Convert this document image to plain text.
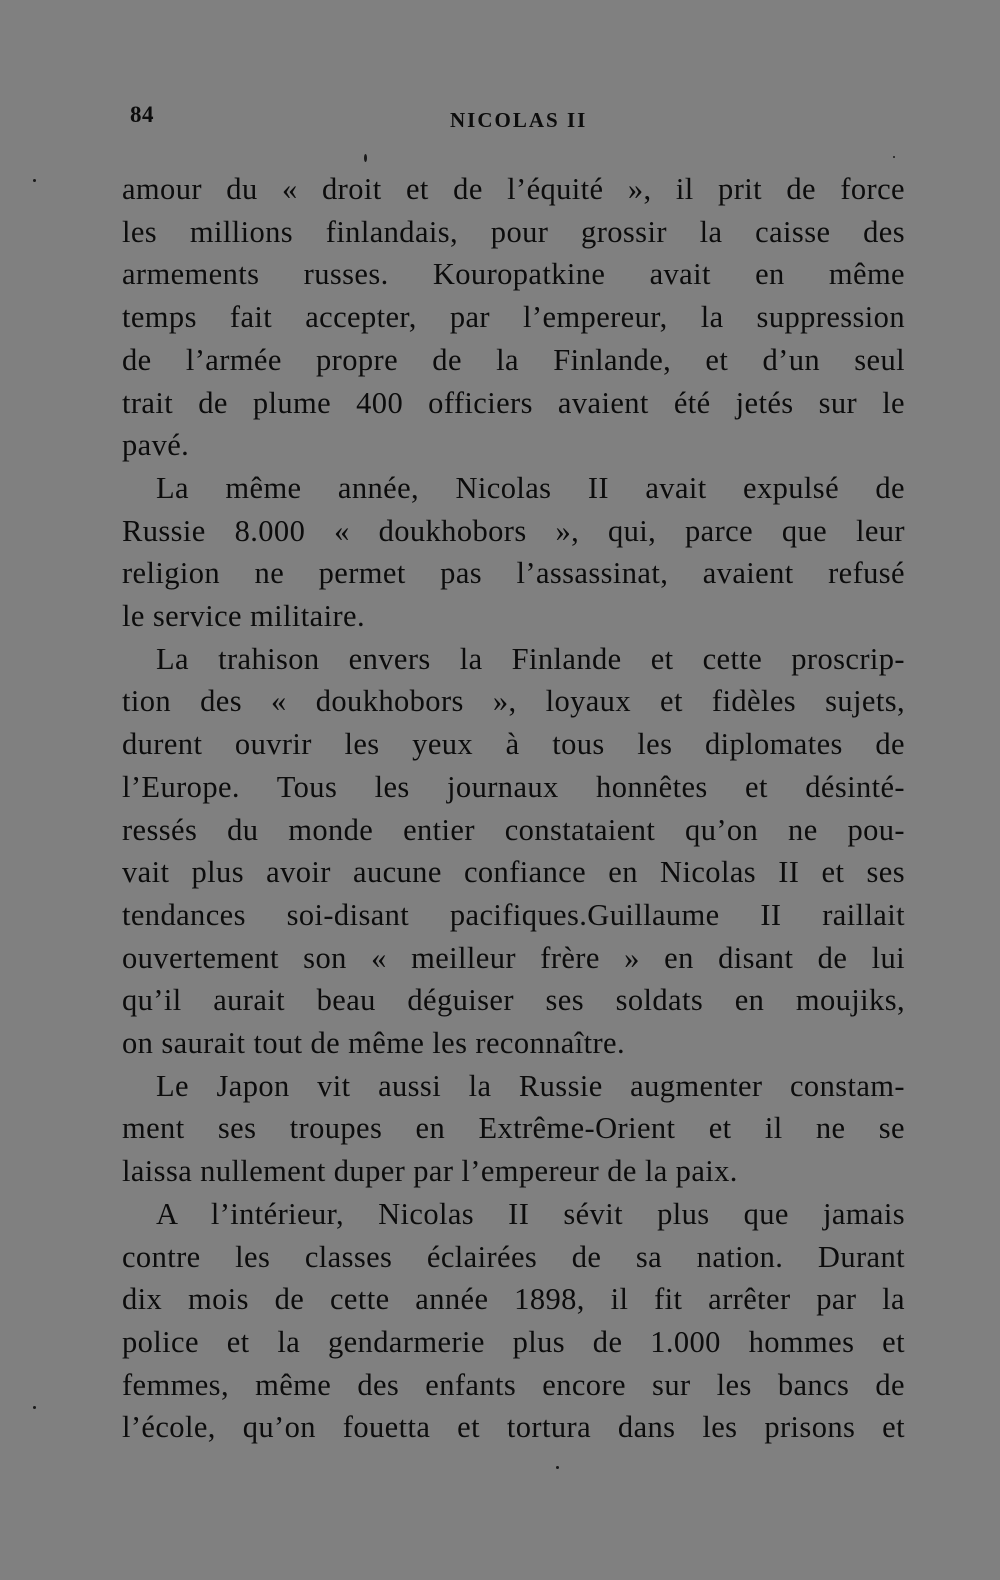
84	NICOLAS II
amour du « droit et de l’équité », il prit de force
les millions finlandais, pour grossir la caisse des
armements russes. Kouropatkine avait en même
temps fait accepter, par l’empereur, la suppression
de l’armée propre de la Finlande, et d’un seul
trait de plume 400 officiers avaient été jetés sur le
pavé.
La même année, Nicolas II avait expulsé de
Russie 8.000 « doukhobors », qui, parce que leur
religion ne permet pas l’assassinat, avaient refusé
le service militaire.
La trahison envers la Finlande et cette proscrip-
tion des « doukhobors », loyaux et fidèles sujets,
durent ouvrir les yeux à tous les diplomates de
l’Europe. Tous les journaux honnêtes et désinté-
ressés du monde entier constataient qu’on ne pou-
vait plus avoir aucune confiance en Nicolas II et ses
tendances soi-disant pacifiques.Guillaume II raillait
ouvertement son « meilleur frère » en disant de lui
qu’il aurait beau déguiser ses soldats en moujiks,
on saurait tout de même les reconnaître.
Le Japon vit aussi la Russie augmenter constam-
ment ses troupes en Extrême-Orient et il ne se
laissa nullement duper par l’empereur de la paix.
A l’intérieur, Nicolas II sévit plus que jamais
contre les classes éclairées de sa nation. Durant
dix mois de cette année 1898, il fit arrêter par la
police et la gendarmerie plus de 1.000 hommes et
femmes, même des enfants encore sur les bancs de
l’école, qu’on fouetta et tortura dans les prisons et
